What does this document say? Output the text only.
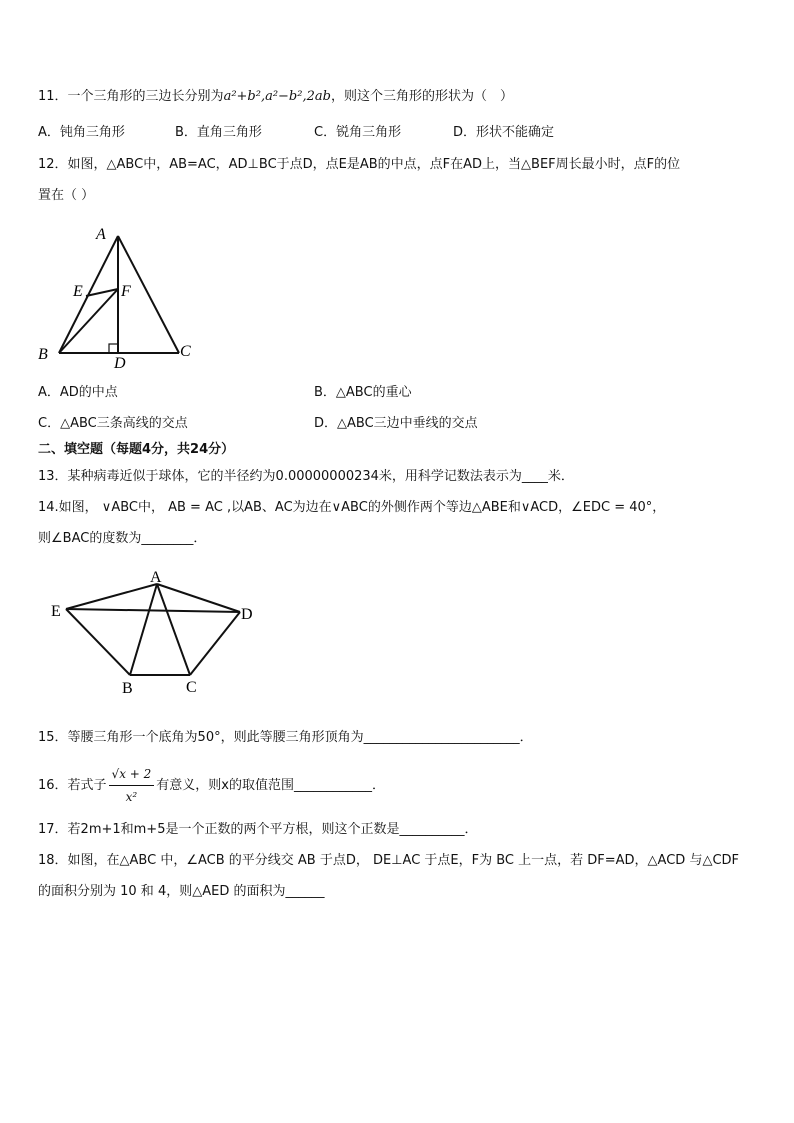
11．一个三角形的三边长分别为a²+b²,a²−b²,2ab，则这个三角形的形状为（　）
A．钝角三角形	B．直角三角形	C．锐角三角形	D．形状不能确定
12．如图，△ABC中，AB=AC，AD⊥BC于点D，点E是AB的中点，点F在AD上，当△BEF周长最小时，点F的位
置在（ ）
A
B	C
D
E F
A．AD的中点	B．△ABC的重心
C．△ABC三条高线的交点	D．△ABC三边中垂线的交点
二、填空题（每题4分，共24分）
13．某种病毒近似于球体，它的半径约为0.00000000234米，用科学记数法表示为____米．
14.如图， ∨ABC中， AB = AC ,以AB、AC为边在∨ABC的外侧作两个等边△ABE和∨ACD，∠EDC = 40°，
则∠BAC的度数为________．
A
E	D
B	C
15．等腰三角形一个底角为50°，则此等腰三角形顶角为________________________．
16．若式子 $\frac{√x + 2}{\text{x²}}$ 有意义，则x的取值范围____________．
17．若2m+1和m+5是一个正数的两个平方根，则这个正数是__________．
18．如图，在△ABC 中，∠ACB 的平分线交 AB 于点D， DE⊥AC 于点E，F为 BC 上一点，若 DF=AD，△ACD 与△CDF
的面积分别为 10 和 4，则△AED 的面积为______
